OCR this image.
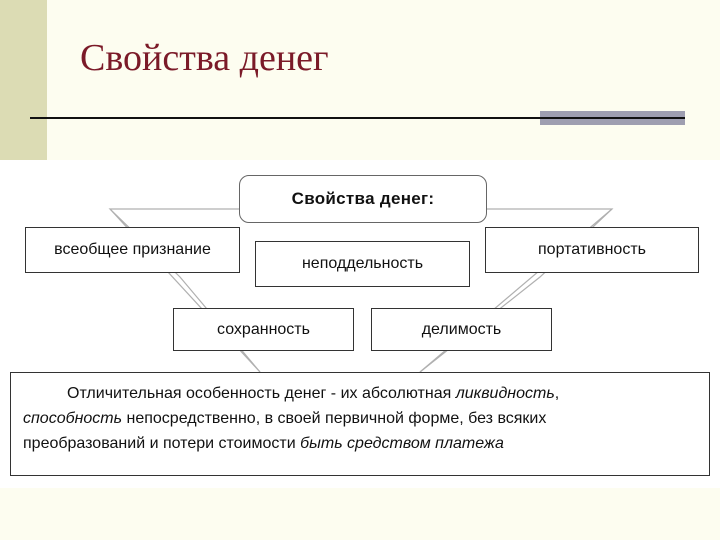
Свойства денег
Свойства денег:
всеобщее признание	портативность
неподдельность
сохранность	делимость
Отличительная особенность денег - их абсолютная ликвидность,
способность непосредственно, в своей первичной форме, без всяких
преобразований и потери стоимости быть средством платежа
